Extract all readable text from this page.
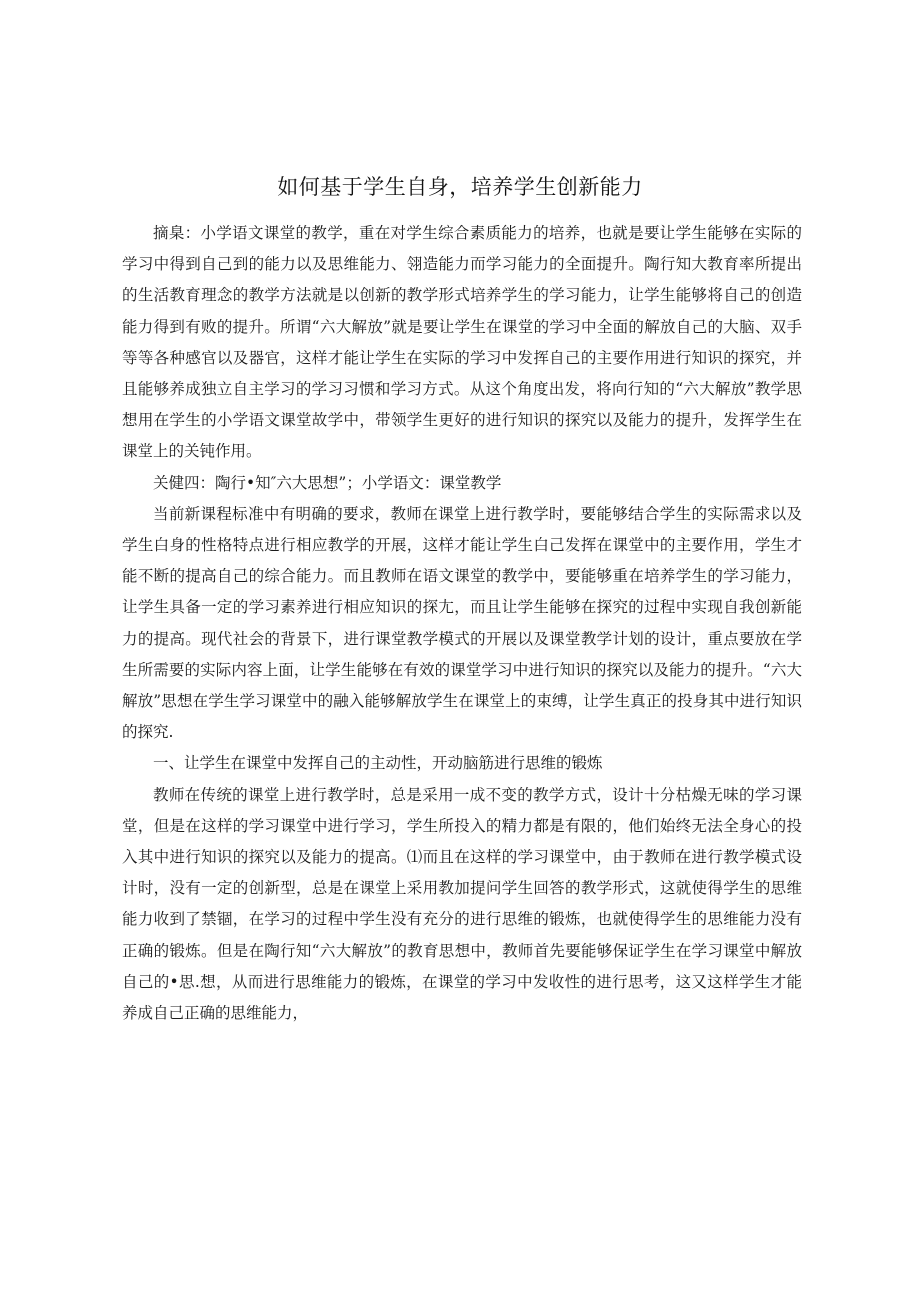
如何基于学生自身，培养学生创新能力

摘臬：小学语文课堂的教学，重在对学生综合素质能力的培养，也就是要让学生能够在实际的学习中得到自己到的能力以及思维能力、翎造能力而学习能力的全面提升。陶行知大教育率所提出的生活教育理念的教学方法就是以创新的教学形式培养学生的学习能力，让学生能够将自己的创造能力得到有败的提升。所谓“六大解放”就是要让学生在课堂的学习中全面的解放自己的大脑、双手等等各种感官以及器官，这样才能让学生在实际的学习中发挥自己的主要作用进行知识的探究，并且能够养成独立自主学习的学习习惯和学习方式。从这个角度出发，将向行知的“六大解放”教学思想用在学生的小学语文课堂故学中，带领学生更好的进行知识的探究以及能力的提升，发挥学生在课堂上的关钝作用。

关健四：陶行•知″六大思想”；小学语文：课堂教学

当前新课程标准中有明确的要求，教师在课堂上进行教学时，要能够结合学生的实际需求以及学生白身的性格特点进行相应教学的开展，这样才能让学生白己发挥在课堂中的主要作用，学生才能不断的提高自己的综合能力。而且教师在语文课堂的教学中，要能够重在培养学生的学习能力，让学生具备一定的学习素养进行相应知识的探尢，而且让学生能够在探究的过程中实现自我创新能力的提高。现代社会的背景下，进行课堂教学模式的开展以及课堂教学计划的设计，重点要放在学生所需要的实际内容上面，让学生能够在有效的课堂学习中进行知识的探究以及能力的提升。“六大解放”思想在学生学习课堂中的融入能够解放学生在课堂上的束缚，让学生真正的投身其中进行知识的探究.

一、让学生在课堂中发挥自己的主动性，开动脑筋进行思维的锻炼

教师在传统的课堂上进行教学时，总是采用一成不变的教学方式，设计十分枯燥无味的学习课堂，但是在这样的学习课堂中进行学习，学生所投入的精力都是有限的，他们始终无法全身心的投入其中进行知识的探究以及能力的提高。⑴而且在这样的学习课堂中，由于教师在进行教学模式设计时，没有一定的创新型，总是在课堂上采用教加提问学生回答的教学形式，这就使得学生的思维能力收到了禁锢，在学习的过程中学生没有充分的进行思维的锻炼，也就使得学生的思维能力没有正确的锻炼。但是在陶行知“六大解放”的教育思想中，教师首先要能够保证学生在学习课堂中解放自己的•思.想，从而进行思维能力的锻炼，在课堂的学习中发收性的进行思考，这又这样学生才能养成自己正确的思维能力，
